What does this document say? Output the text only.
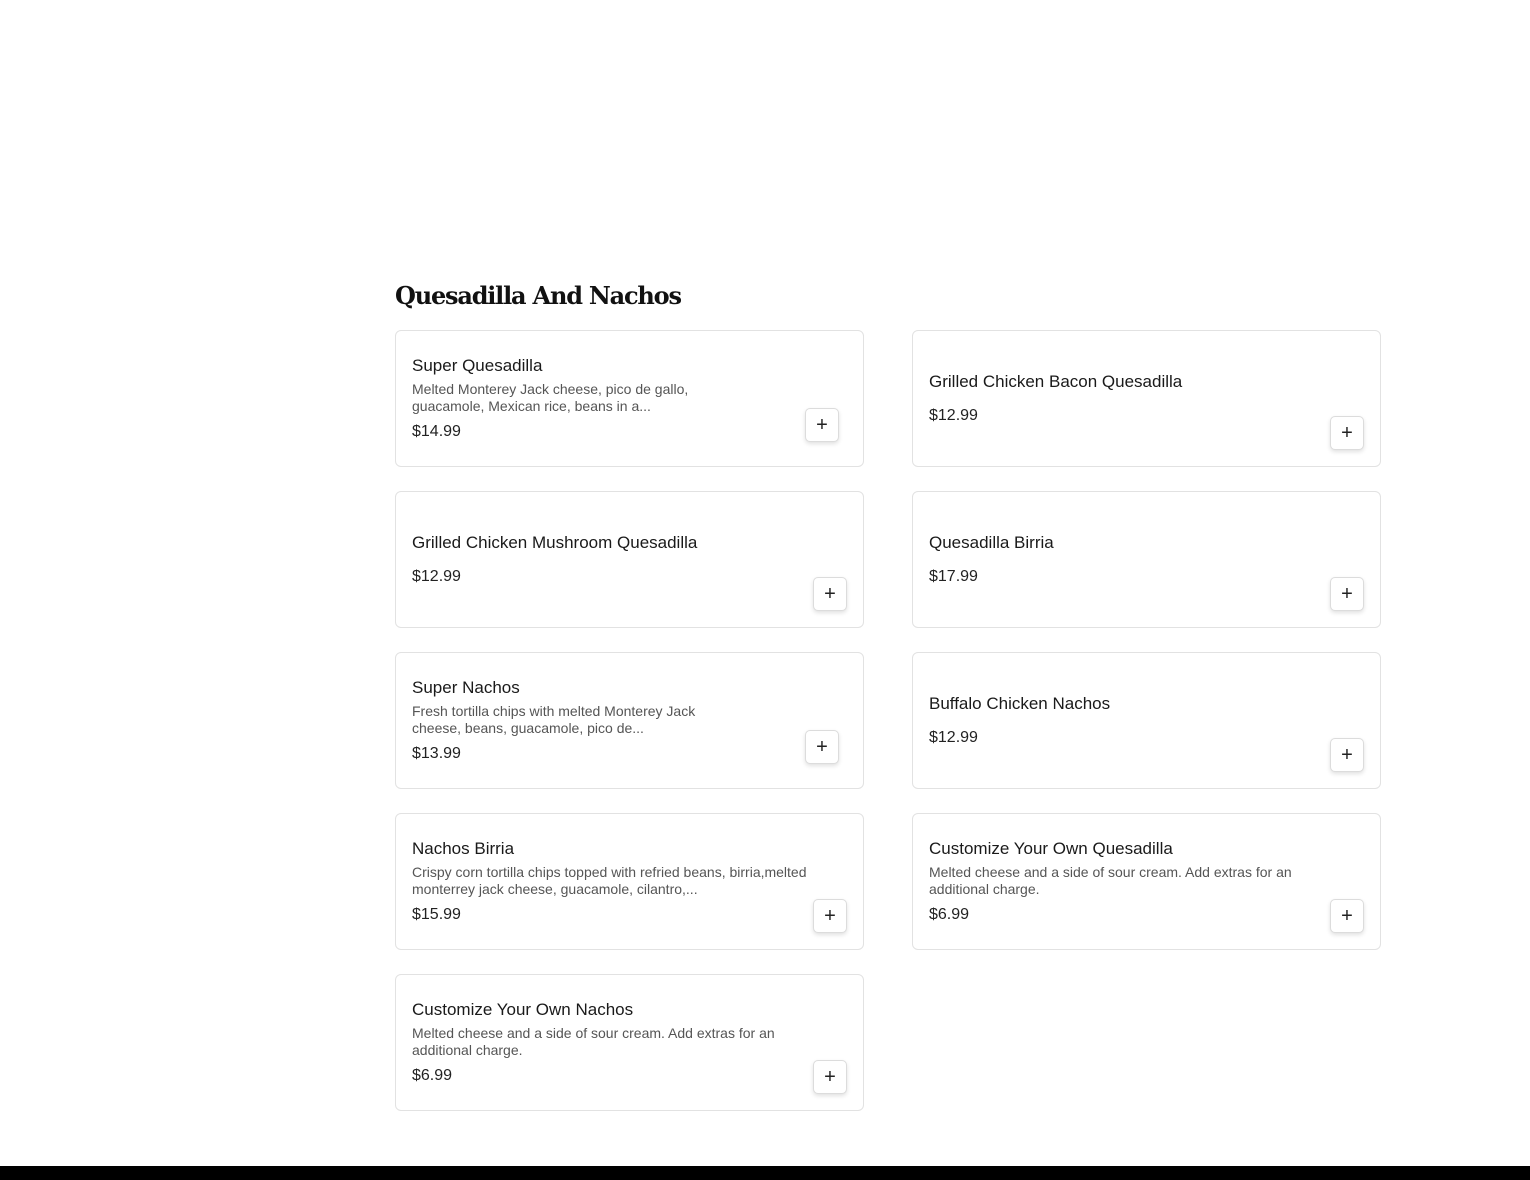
Quesadilla And Nachos
Super Quesadilla
Melted Monterey Jack cheese, pico de gallo, guacamole, Mexican rice, beans in a...
$14.99	+
Grilled Chicken Bacon Quesadilla
$12.99
+
Grilled Chicken Mushroom Quesadilla
$12.99
+
Quesadilla Birria
$17.99
+
Super Nachos
Fresh tortilla chips with melted Monterey Jack cheese, beans, guacamole, pico de...
$13.99	+
Buffalo Chicken Nachos
$12.99
+
Nachos Birria
Crispy corn tortilla chips topped with refried beans, birria,melted monterrey jack cheese, guacamole, cilantro,...
$15.99	+
Customize Your Own Quesadilla
Melted cheese and a side of sour cream. Add extras for an additional charge.
$6.99	+
Customize Your Own Nachos
Melted cheese and a side of sour cream. Add extras for an additional charge.
$6.99	+
